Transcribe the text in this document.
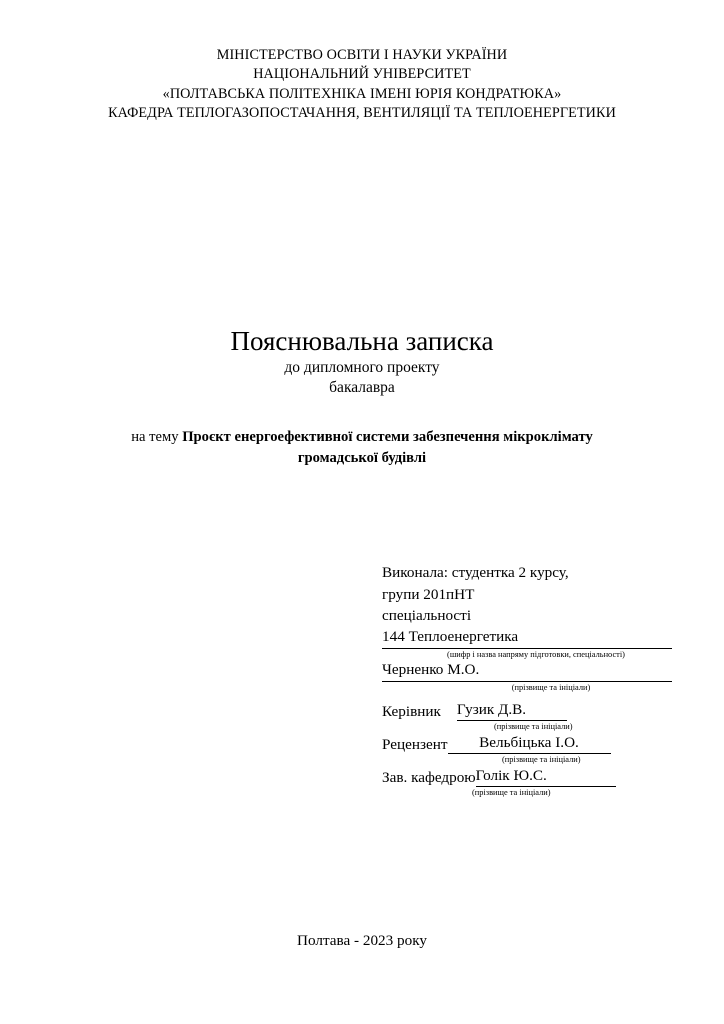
МІНІСТЕРСТВО ОСВІТИ І НАУКИ УКРАЇНИ
НАЦІОНАЛЬНИЙ УНІВЕРСИТЕТ
«ПОЛТАВСЬКА ПОЛІТЕХНІКА ІМЕНІ ЮРІЯ КОНДРАТЮКА»
КАФЕДРА ТЕПЛОГАЗОПОСТАЧАННЯ, ВЕНТИЛЯЦІЇ ТА ТЕПЛОЕНЕРГЕТИКИ
Пояснювальна записка
до дипломного проекту
бакалавра
на тему Проєкт енергоефективної системи забезпечення мікроклімату
громадської будівлі
Виконала: студентка 2 курсу,
групи 201пНТ
спеціальності
144 Теплоенергетика
(шифр і назва напряму підготовки, спеціальності)
Черненко М.О.
(прізвище та ініціали)
Керівник	Гузик Д.В.
(прізвище та ініціали)
Рецензент	Вельбіцька І.О.
(прізвище та ініціали)
Зав. кафедрою Голік Ю.С.
(прізвище та ініціали)
Полтава - 2023 року
